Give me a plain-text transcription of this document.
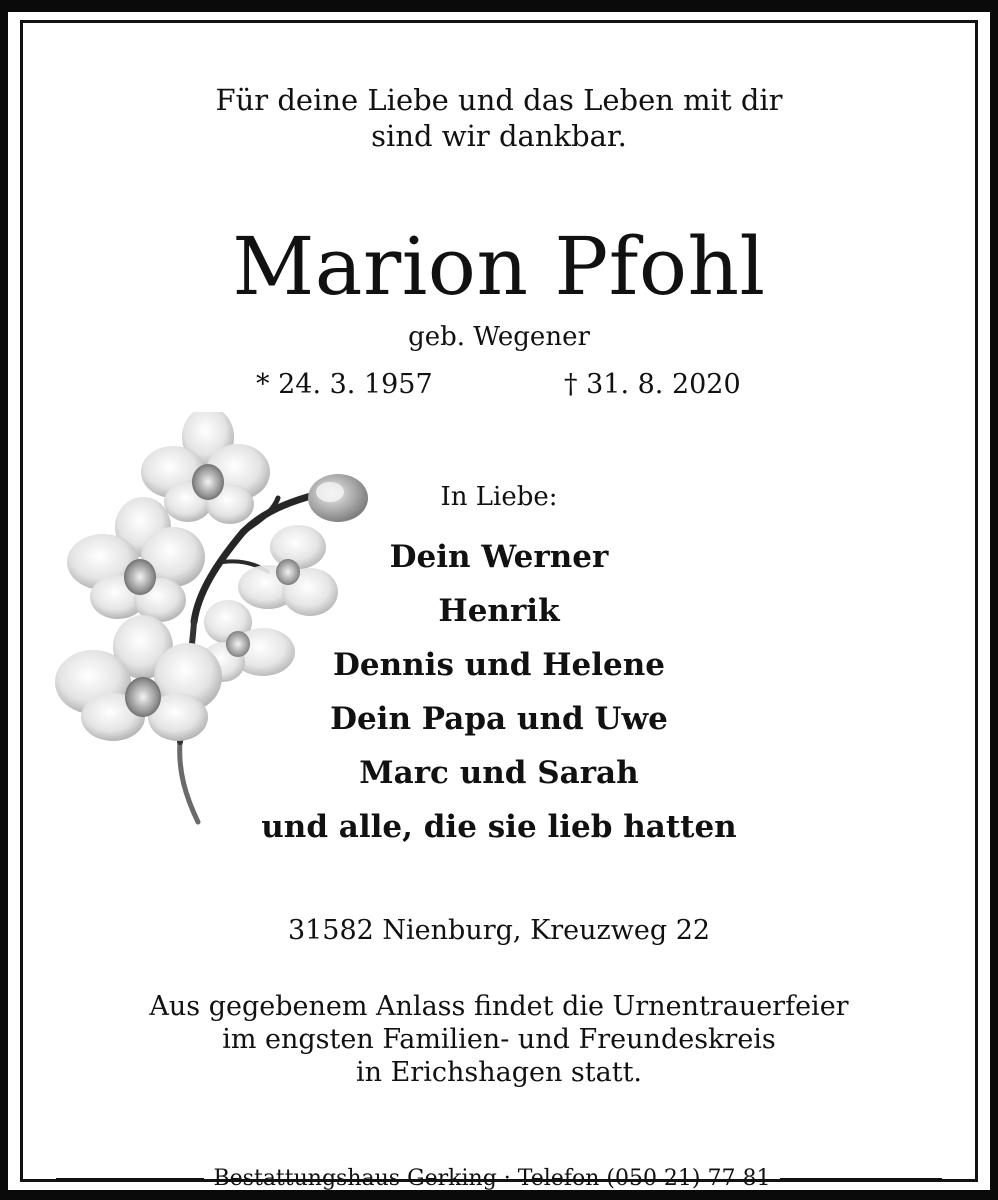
Für deine Liebe und das Leben mit dir
sind wir dankbar.
Marion Pfohl
geb. Wegener
* 24. 3. 1957	† 31. 8. 2020
In Liebe:
Dein Werner
Henrik
Dennis und Helene
Dein Papa und Uwe
Marc und Sarah
und alle, die sie lieb hatten
31582 Nienburg, Kreuzweg 22
Aus gegebenem Anlass findet die Urnentrauerfeier
im engsten Familien- und Freundeskreis
in Erichshagen statt.
Bestattungshaus Gerking · Telefon (050 21) 77 81
